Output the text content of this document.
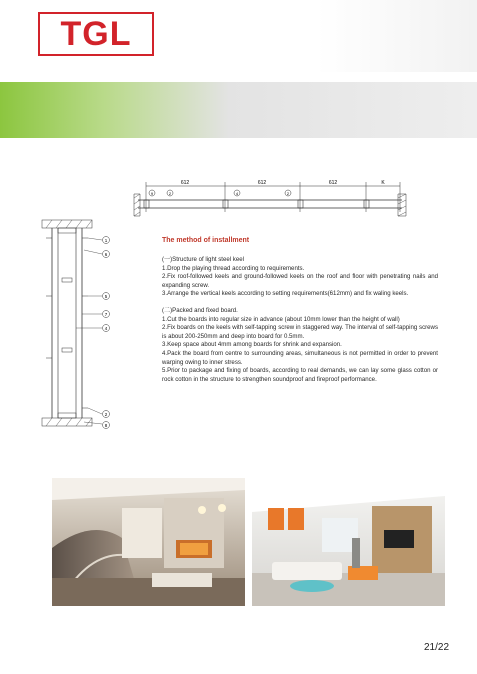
TGL
612	612	612	K
9	2	4	2
1
6
5
7
4
2
8
The method of installment

(一)Structure of light steel keel

1.Drop the playing thread according to requirements.

2.Fix roof-followed keels and ground-followed keels on the roof and floor with penetrating nails and expanding screw.

3.Arrange the vertical keels according to setting requirements(612mm) and fix waling keels.

(二)Packed and fixed board.

1.Cut the boards into regular size in advance (about 10mm lower than the height of wall)

2.Fix boards on the keels with self-tapping screw in staggered way. The interval of self-tapping screws is about 200-250mm and deep into board for 0.5mm.

3.Keep space about 4mm among boards for shrink and expansion.

4.Pack the board from centre to surrounding areas, simultaneous is not permitted in order to prevent warping owing to inner stress.

5.Prior to package and fixing of boards, according to real demands, we can lay some glass cotton or rock cotton in the structure to strengthen soundproof and fireproof performance.

21/22
